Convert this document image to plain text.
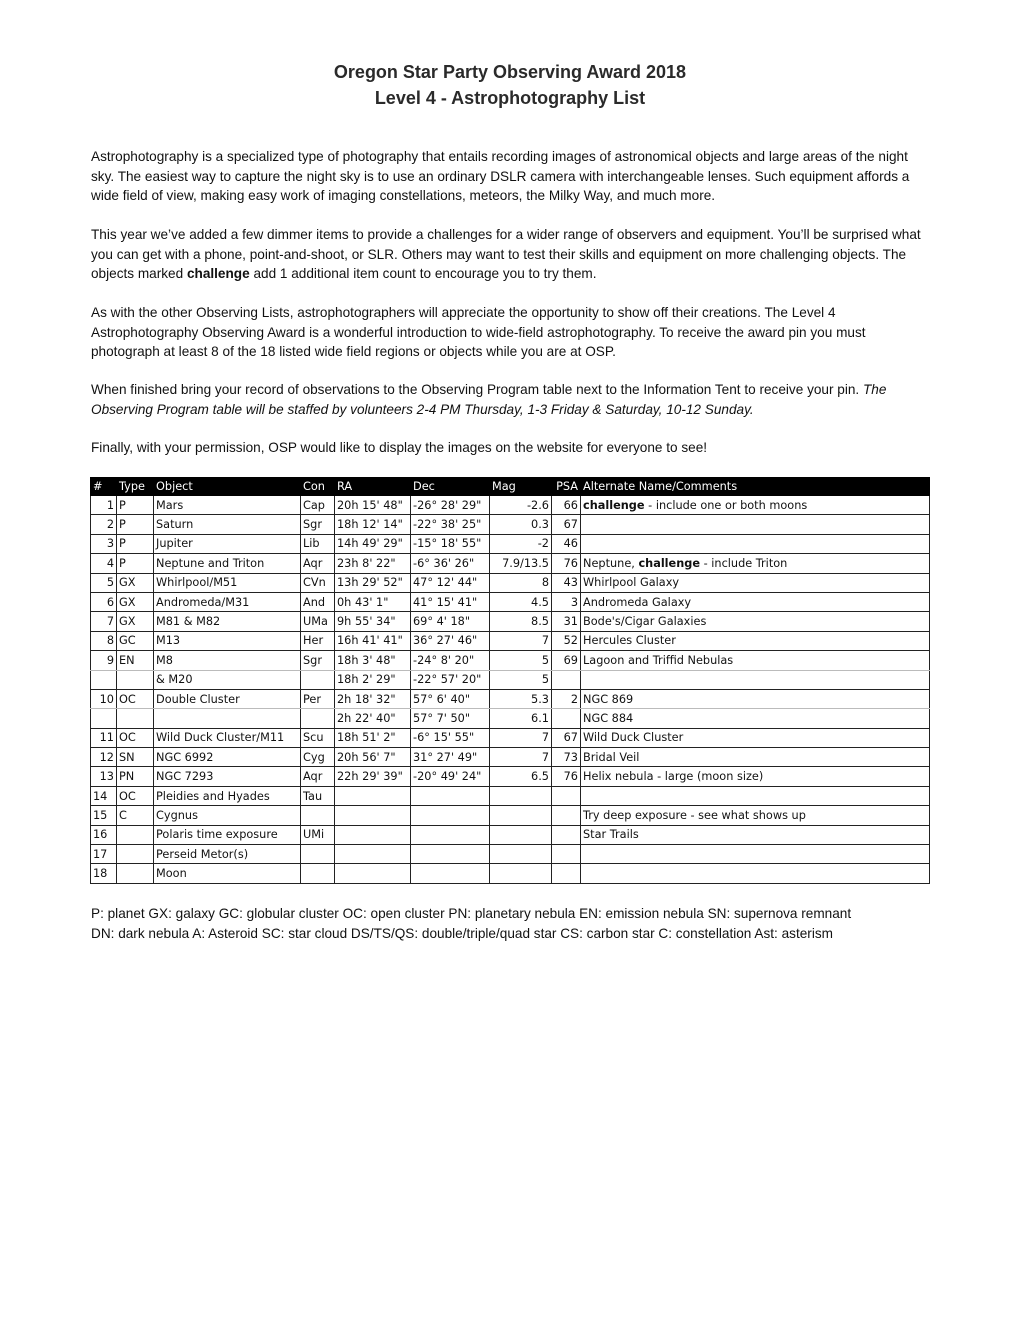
Oregon Star Party Observing Award 2018
Level 4 - Astrophotography List
Astrophotography is a specialized type of photography that entails recording images of astronomical objects and large areas of the night sky. The easiest way to capture the night sky is to use an ordinary DSLR camera with interchangeable lenses. Such equipment affords a wide field of view, making easy work of imaging constellations, meteors, the Milky Way, and much more.
This year we’ve added a few dimmer items to provide a challenges for a wider range of observers and equipment. You’ll be surprised what you can get with a phone, point-and-shoot, or SLR. Others may want to test their skills and equipment on more challenging objects. The objects marked challenge add 1 additional item count to encourage you to try them.
As with the other Observing Lists, astrophotographers will appreciate the opportunity to show off their creations. The Level 4 Astrophotography Observing Award is a wonderful introduction to wide-field astrophotography. To receive the award pin you must photograph at least 8 of the 18 listed wide field regions or objects while you are at OSP.
When finished bring your record of observations to the Observing Program table next to the Information Tent to receive your pin. The Observing Program table will be staffed by volunteers 2-4 PM Thursday, 1-3 Friday & Saturday, 10-12 Sunday.
Finally, with your permission, OSP would like to display the images on the website for everyone to see!
#	Type	Object	Con	RA	Dec	Mag	PSA	Alternate Name/Comments
1	P	Mars	Cap	20h 15' 48"	-26° 28' 29"	-2.6	66	challenge - include one or both moons
2	P	Saturn	Sgr	18h 12' 14"	-22° 38' 25"	0.3	67	
3	P	Jupiter	Lib	14h 49' 29"	-15° 18' 55"	-2	46	
4	P	Neptune and Triton	Aqr	23h 8' 22"	-6° 36' 26"	7.9/13.5	76	Neptune, challenge - include Triton
5	GX	Whirlpool/M51	CVn	13h 29' 52"	47° 12' 44"	8	43	Whirlpool Galaxy
6	GX	Andromeda/M31	And	0h 43' 1"	41° 15' 41"	4.5	3	Andromeda Galaxy
7	GX	M81 & M82	UMa	9h 55' 34"	69° 4' 18"	8.5	31	Bode's/Cigar Galaxies
8	GC	M13	Her	16h 41' 41"	36° 27' 46"	7	52	Hercules Cluster
9	EN	M8	Sgr	18h 3' 48"	-24° 8' 20"	5	69	Lagoon and Triffid Nebulas
		& M20		18h 2' 29"	-22° 57' 20"	5		
10	OC	Double Cluster	Per	2h 18' 32"	57° 6' 40"	5.3	2	NGC 869
				2h 22' 40"	57° 7' 50"	6.1		NGC 884
11	OC	Wild Duck Cluster/M11	Scu	18h 51' 2"	-6° 15' 55"	7	67	Wild Duck Cluster
12	SN	NGC 6992	Cyg	20h 56' 7"	31° 27' 49"	7	73	Bridal Veil
13	PN	NGC 7293	Aqr	22h 29' 39"	-20° 49' 24"	6.5	76	Helix nebula - large (moon size)
14	OC	Pleidies and Hyades	Tau					
15	C	Cygnus						Try deep exposure - see what shows up
16		Polaris time exposure	UMi					Star Trails
17		Perseid Metor(s)						
18		Moon						
P: planet GX: galaxy GC: globular cluster OC: open cluster PN: planetary nebula EN: emission nebula SN: supernova remnant
DN: dark nebula A: Asteroid SC: star cloud DS/TS/QS: double/triple/quad star CS: carbon star C: constellation Ast: asterism
